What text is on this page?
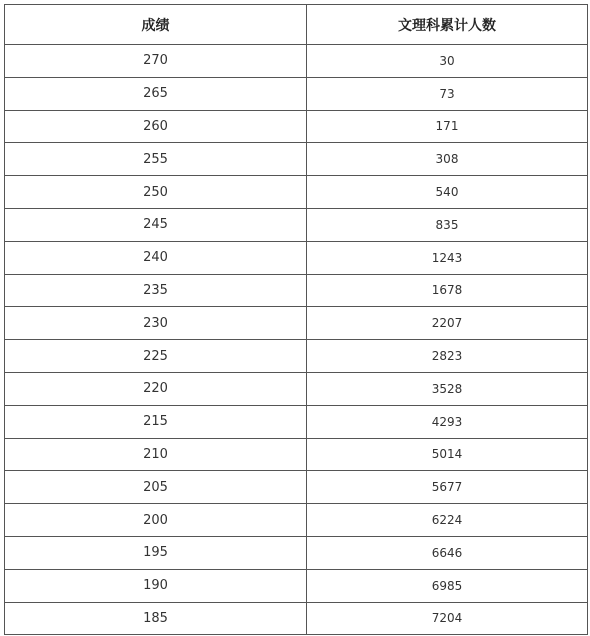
成绩	文理科累计人数
270	30
265	73
260	171
255	308
250	540
245	835
240	1243
235	1678
230	2207
225	2823
220	3528
215	4293
210	5014
205	5677
200	6224
195	6646
190	6985
185	7204
